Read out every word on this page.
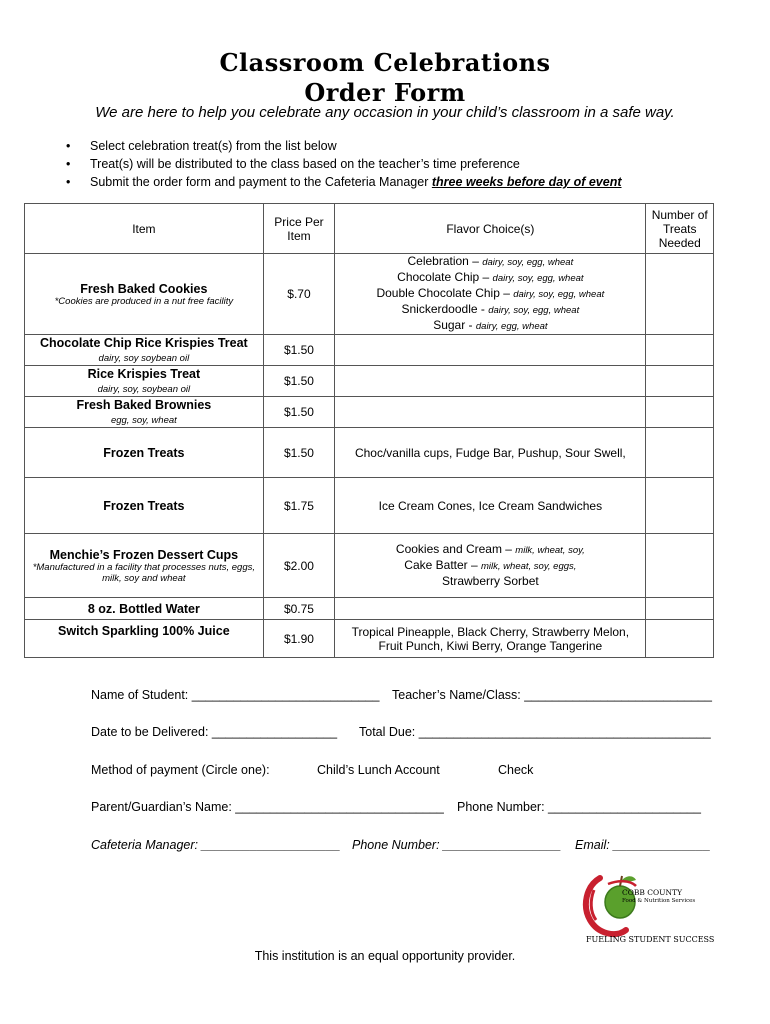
Classroom Celebrations
Order Form
We are here to help you celebrate any occasion in your child’s classroom in a safe way.
• Select celebration treat(s) from the list below
• Treat(s) will be distributed to the class based on the teacher’s time preference
• Submit the order form and payment to the Cafeteria Manager three weeks before day of event
Item	Price Per Item	Flavor Choice(s)	Number of Treats Needed

Fresh Baked Cookies
*Cookies are produced in a nut free facility	$.70	Celebration – dairy, soy, egg, wheat
Chocolate Chip – dairy, soy, egg, wheat
Double Chocolate Chip – dairy, soy, egg, wheat
Snickerdoodle - dairy, soy, egg, wheat
Sugar - dairy, egg, wheat	

Chocolate Chip Rice Krispies Treat
dairy, soy soybean oil	$1.50		

Rice Krispies Treat
dairy, soy, soybean oil	$1.50		

Fresh Baked Brownies
egg, soy, wheat	$1.50		

Frozen Treats	$1.50	Choc/vanilla cups, Fudge Bar, Pushup, Sour Swell,	

Frozen Treats	$1.75	Ice Cream Cones, Ice Cream Sandwiches	

Menchie’s Frozen Dessert Cups
*Manufactured in a facility that processes nuts, eggs, milk, soy and wheat	$2.00	Cookies and Cream – milk, wheat, soy,
Cake Batter – milk, wheat, soy, eggs,
Strawberry Sorbet	

8 oz. Bottled Water	$0.75		

Switch Sparkling 100% Juice	$1.90	Tropical Pineapple, Black Cherry, Strawberry Melon, Fruit Punch, Kiwi Berry, Orange Tangerine	
Name of Student: ___________________________ Teacher’s Name/Class: ___________________________
Date to be Delivered: __________________ Total Due: __________________________________________
Method of payment (Circle one):	Child’s Lunch Account	Check
Parent/Guardian’s Name: ______________________________ Phone Number: ______________________
Cafeteria Manager: ____________________ Phone Number: _________________ Email: ______________
COBB COUNTY
Food & Nutrition Services
FUELING STUDENT SUCCESS
This institution is an equal opportunity provider.
